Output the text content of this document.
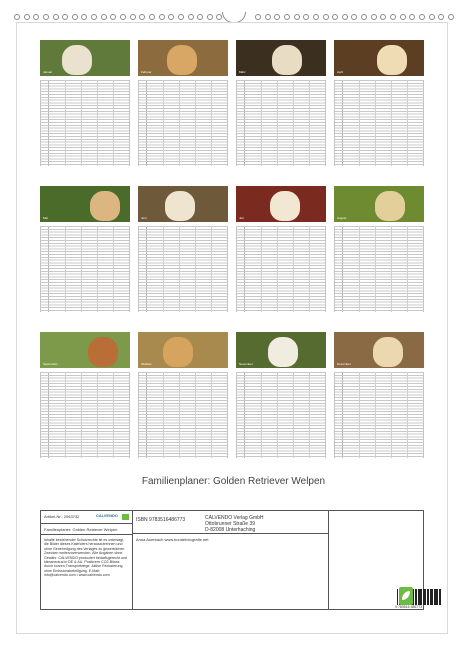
Januar	Februar	März	April
Mai	Juni	Juli	August
September	Oktober	November	Dezember
Familienplaner: Golden Retriever Welpen
Artikel-Nr.: 2063732	CALVENDO
Familienplaner: Golden Retriever Welpen
Inhalte bestehender Schutzrechte ist es untersagt, die Bilder dieses Kalenders herauszutrennen und ohne Genehmigung des Verlages zu gewerblichen Zwecken weiterzuverwenden. Alle Angaben ohne Gewähr. CALVENDO produziert bedarfsgerecht und klimaneutral in DE & AU. Positivere CO2-Bilanz durch kurzen Transportwege. Aktive Reduzierung ohne Emissionsbeteiligung. E-Mail: info@calvendo.com • www.calvendo.com
ISBN 9783516486773	CALVENDO Verlag GmbH
Ottobrunner Straße 39
D-82008 Unterhaching
Anna Auerbach www.hundefotografie.net
9 783516 486773
